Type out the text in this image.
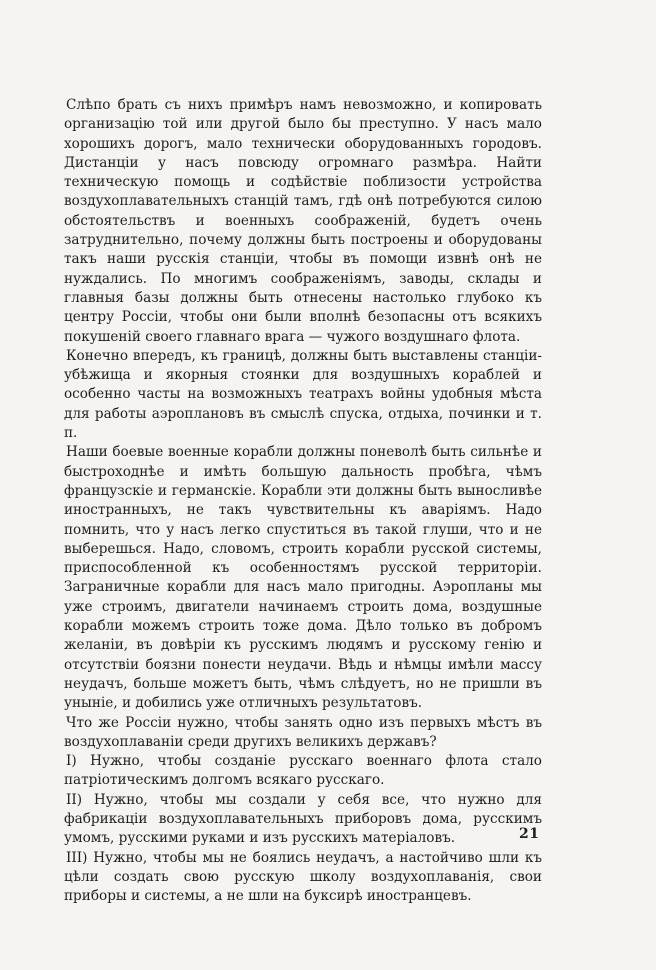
Слѣпо брать съ нихъ примѣръ намъ невозможно, и копировать организацію той или другой было бы преступно. У насъ мало хорошихъ дорогъ, мало технически оборудованныхъ городовъ. Дистанціи у насъ повсюду огромнаго размѣра. Найти техническую помощь и содѣйствіе поблизости устройства воздухоплавательныхъ станцій тамъ, гдѣ онѣ потребуются силою обстоятельствъ и военныхъ соображеній, будетъ очень затруднительно, почему должны быть построены и оборудованы такъ наши русскія станціи, чтобы въ помощи извнѣ онѣ не нуждались. По многимъ соображеніямъ, заводы, склады и главныя базы должны быть отнесены настолько глубоко къ центру Россіи, чтобы они были вполнѣ безопасны отъ всякихъ покушеній своего главнаго врага — чужого воздушнаго флота.

Конечно впередъ, къ границѣ, должны быть выставлены станціи-убѣжища и якорныя стоянки для воздушныхъ кораблей и особенно часты на возможныхъ театрахъ войны удобныя мѣста для работы аэроплановъ въ смыслѣ спуска, отдыха, починки и т. п.

Наши боевые военные корабли должны поневолѣ быть сильнѣе и быстроходнѣе и имѣть большую дальность пробѣга, чѣмъ французскіе и германскіе. Корабли эти должны быть выносливѣе иностранныхъ, не такъ чувствительны къ аваріямъ. Надо помнить, что у насъ легко спуститься въ такой глуши, что и не выберешься. Надо, словомъ, строить корабли русской системы, приспособленной къ особенностямъ русской территоріи. Заграничные корабли для насъ мало пригодны. Аэропланы мы уже строимъ, двигатели начинаемъ строить дома, воздушные корабли можемъ строить тоже дома. Дѣло только въ добромъ желаніи, въ довѣріи къ русскимъ людямъ и русскому генію и отсутствіи боязни понести неудачи. Вѣдь и нѣмцы имѣли массу неудачъ, больше можетъ быть, чѣмъ слѣдуетъ, но не пришли въ уныніе, и добились уже отличныхъ результатовъ.

Что же Россіи нужно, чтобы занять одно изъ первыхъ мѣстъ въ воздухоплаваніи среди другихъ великихъ державъ?

I) Нужно, чтобы созданіе русскаго военнаго флота стало патріотическимъ долгомъ всякаго русскаго.

II) Нужно, чтобы мы создали у себя все, что нужно для фабрикаціи воздухоплавательныхъ приборовъ дома, русскимъ умомъ, русскими руками и изъ русскихъ матеріаловъ.

III) Нужно, чтобы мы не боялись неудачъ, а настойчиво шли къ цѣли создать свою русскую школу воздухоплаванія, свои приборы и системы, а не шли на буксирѣ иностранцевъ.

21
